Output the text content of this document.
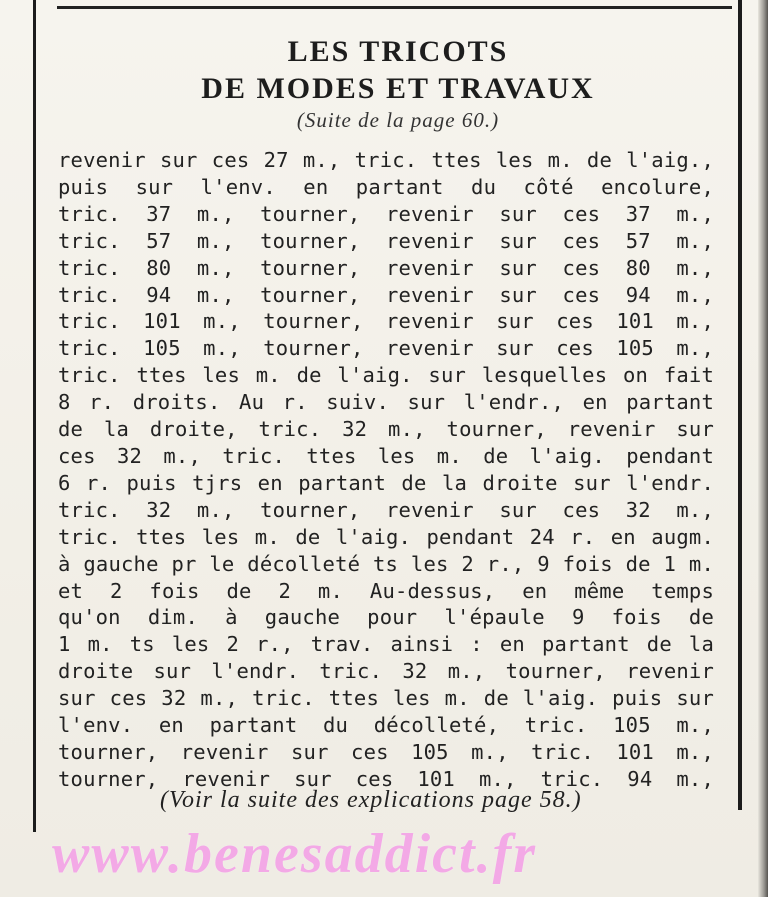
LES TRICOTS
DE MODES ET TRAVAUX
(Suite de la page 60.)
revenir sur ces 27 m., tric. ttes les m. de l'aig.,
puis sur l'env. en partant du côté encolure,
tric. 37 m., tourner, revenir sur ces 37 m.,
tric. 57 m., tourner, revenir sur ces 57 m.,
tric. 80 m., tourner, revenir sur ces 80 m.,
tric. 94 m., tourner, revenir sur ces 94 m.,
tric. 101 m., tourner, revenir sur ces 101 m.,
tric. 105 m., tourner, revenir sur ces 105 m.,
tric. ttes les m. de l'aig. sur lesquelles on fait
8 r. droits. Au r. suiv. sur l'endr., en partant
de la droite, tric. 32 m., tourner, revenir sur
ces 32 m., tric. ttes les m. de l'aig. pendant
6 r. puis tjrs en partant de la droite sur l'endr.
tric. 32 m., tourner, revenir sur ces 32 m.,
tric. ttes les m. de l'aig. pendant 24 r. en augm.
à gauche pr le décolleté ts les 2 r., 9 fois de 1 m.
et 2 fois de 2 m. Au-dessus, en même temps
qu'on dim. à gauche pour l'épaule 9 fois de
1 m. ts les 2 r., trav. ainsi : en partant de la
droite sur l'endr. tric. 32 m., tourner, revenir
sur ces 32 m., tric. ttes les m. de l'aig. puis sur
l'env. en partant du décolleté, tric. 105 m.,
tourner, revenir sur ces 105 m., tric. 101 m.,
tourner, revenir sur ces 101 m., tric. 94 m.,
(Voir la suite des explications page 58.)
www.benesaddict.fr
